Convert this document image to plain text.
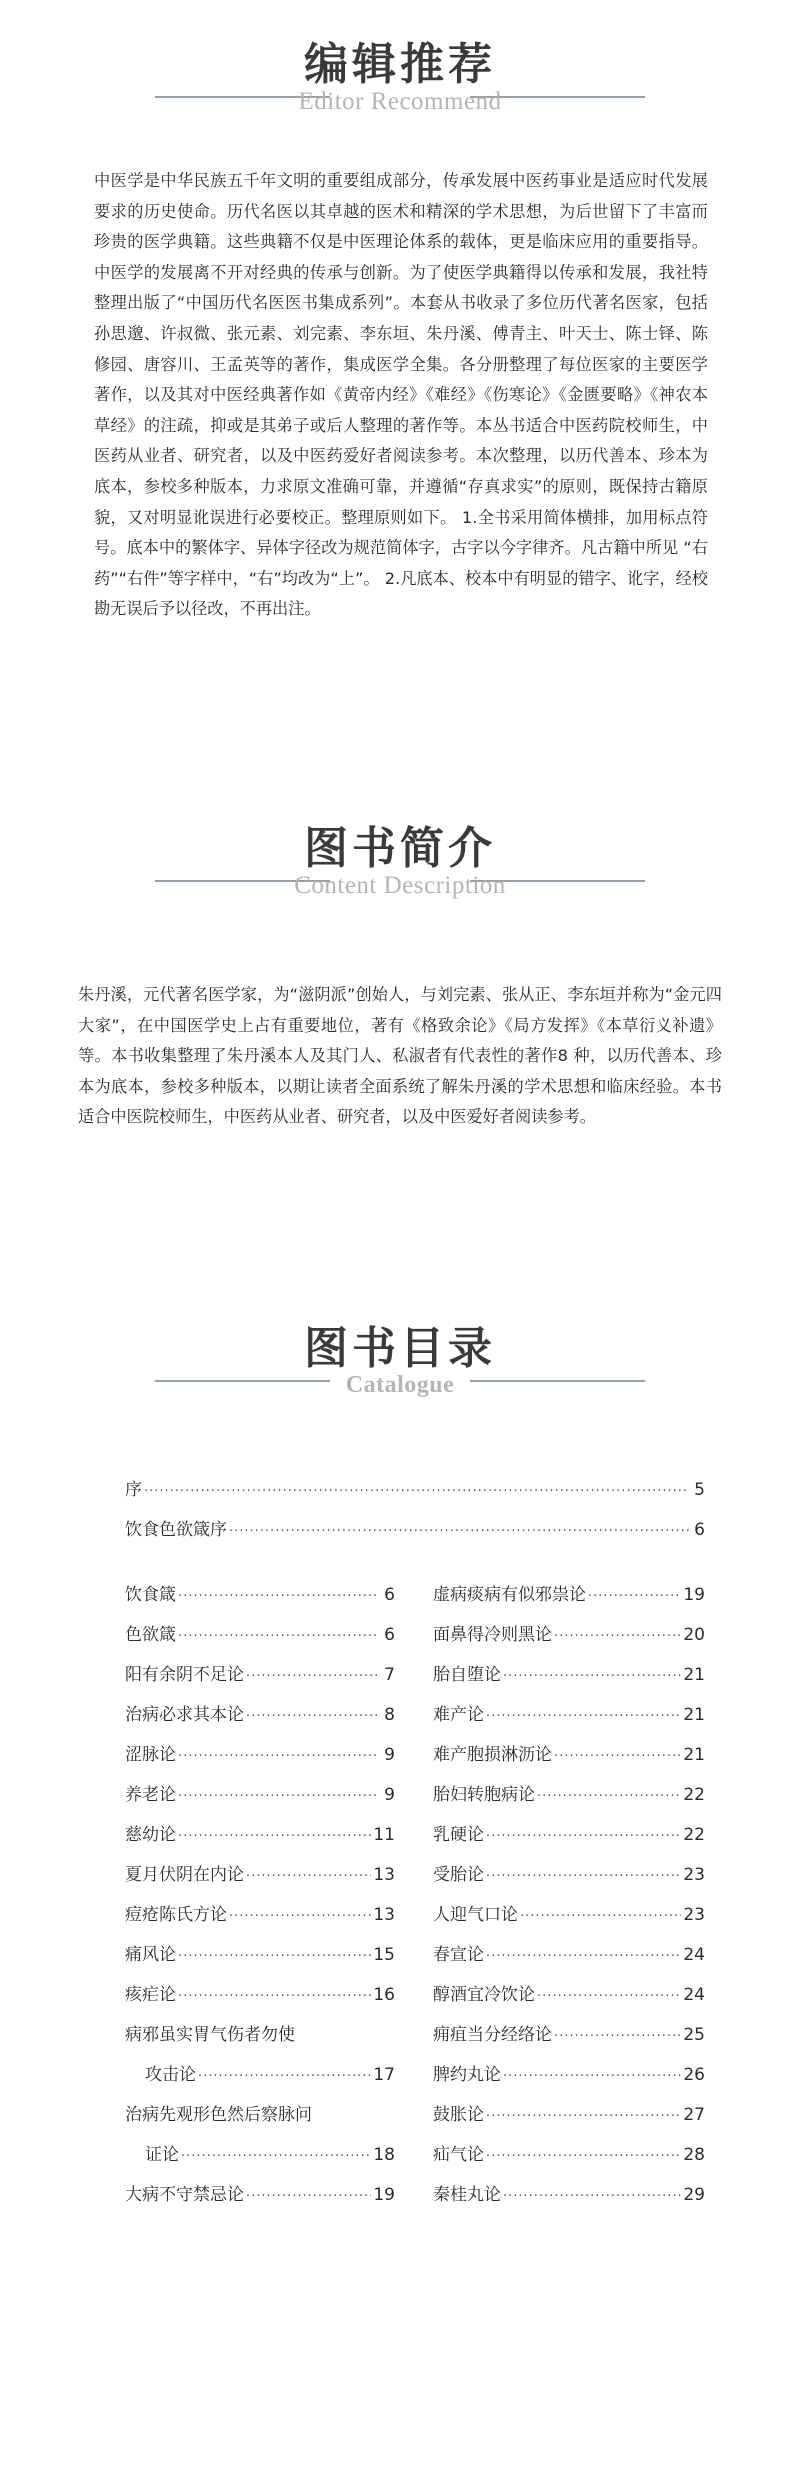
编辑推荐
Editor Recommend

中医学是中华民族五千年文明的重要组成部分，传承发展中医药事业是适应时代发展要求的历史使命。历代名医以其卓越的医术和精深的学术思想，为后世留下了丰富而珍贵的医学典籍。这些典籍不仅是中医理论体系的载体，更是临床应用的重要指导。中医学的发展离不开对经典的传承与创新。为了使医学典籍得以传承和发展，我社特整理出版了“中国历代名医医书集成系列”。本套从书收录了多位历代著名医家，包括孙思邈、许叔微、张元素、刘完素、李东垣、朱丹溪、傅青主、叶天士、陈士铎、陈修园、唐容川、王孟英等的著作，集成医学全集。各分册整理了每位医家的主要医学著作，以及其对中医经典著作如《黄帝内经》《难经》《伤寒论》《金匮要略》《神农本草经》的注疏，抑或是其弟子或后人整理的著作等。本丛书适合中医药院校师生，中医药从业者、研究者，以及中医药爱好者阅读参考。本次整理，以历代善本、珍本为底本，参校多种版本，力求原文准确可靠，并遵循“存真求实”的原则，既保持古籍原貌，又对明显讹误进行必要校正。整理原则如下。 1.全书采用简体横排，加用标点符号。底本中的繁体字、异体字径改为规范简体字，古字以今字律齐。凡古籍中所见 “右药”“右件”等字样中，“右”均改为“上”。 2.凡底本、校本中有明显的错字、讹字，经校勘无误后予以径改，不再出注。

图书简介
Content Description

朱丹溪，元代著名医学家，为“滋阴派”创始人，与刘完素、张从正、李东垣并称为“金元四大家”，在中国医学史上占有重要地位，著有《格致余论》《局方发挥》《本草衍义补遗》等。本书收集整理了朱丹溪本人及其门人、私淑者有代表性的著作8 种，以历代善本、珍本为底本，参校多种版本，以期让读者全面系统了解朱丹溪的学术思想和临床经验。本书适合中医院校师生，中医药从业者、研究者，以及中医爱好者阅读参考。

图书目录
Catalogue
序 ·····	5
饮食色欲箴序 ·····	6
饮食箴 ·····	6
色欲箴 ·····	6
阳有余阴不足论 ·····	7
治病必求其本论 ·····	8
涩脉论 ·····	9
养老论 ·····	9
慈幼论 ·····	11
夏月伏阴在内论 ·····	13
痘疮陈氏方论 ·····	13
痛风论 ·····	15
痎疟论 ·····	16
病邪虽实胃气伤者勿使
攻击论 ·····	17
治病先观形色然后察脉问
证论 ·····	18
大病不守禁忌论 ·····	19
虚病痰病有似邪祟论 ·····	19
面鼻得冷则黑论 ·····	20
胎自堕论 ·····	21
难产论 ·····	21
难产胞损淋沥论 ·····	21
胎妇转胞病论 ·····	22
乳硬论 ·····	22
受胎论 ·····	23
人迎气口论 ·····	23
春宣论 ·····	24
醇酒宜冷饮论 ·····	24
痈疽当分经络论 ·····	25
脾约丸论 ·····	26
鼓胀论 ·····	27
疝气论 ·····	28
秦桂丸论 ·····	29
